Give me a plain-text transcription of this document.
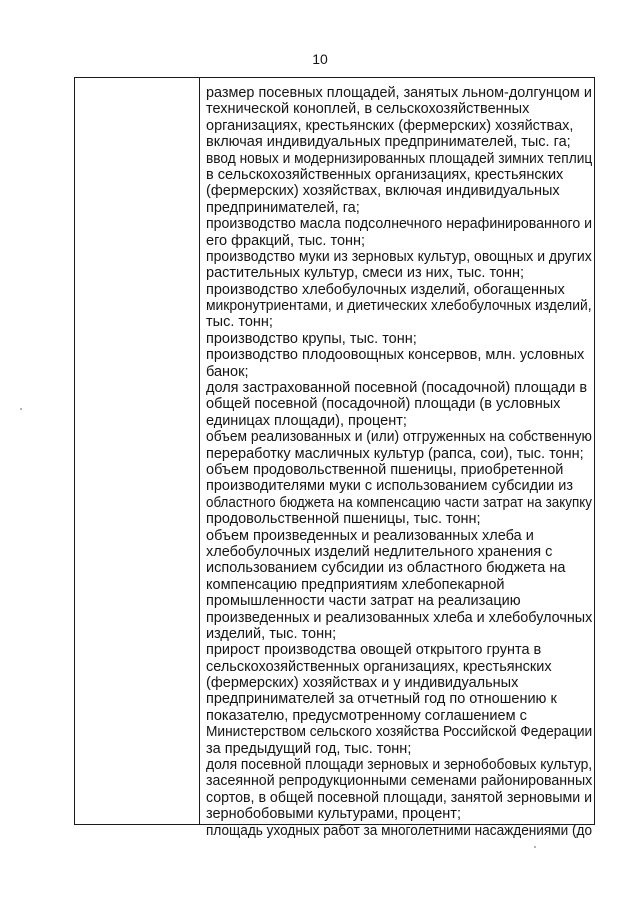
10
размер посевных площадей, занятых льном-долгунцом и
технической коноплей, в сельскохозяйственных
организациях, крестьянских (фермерских) хозяйствах,
включая индивидуальных предпринимателей, тыс. га;
ввод новых и модернизированных площадей зимних теплиц
в сельскохозяйственных организациях, крестьянских
(фермерских) хозяйствах, включая индивидуальных
предпринимателей, га;
производство масла подсолнечного нерафинированного и
его фракций, тыс. тонн;
производство муки из зерновых культур, овощных и других
растительных культур, смеси из них, тыс. тонн;
производство хлебобулочных изделий, обогащенных
микронутриентами, и диетических хлебобулочных изделий,
тыс. тонн;
производство крупы, тыс. тонн;
производство плодоовощных консервов, млн. условных
банок;
доля застрахованной посевной (посадочной) площади в
общей посевной (посадочной) площади (в условных
единицах площади), процент;
объем реализованных и (или) отгруженных на собственную
переработку масличных культур (рапса, сои), тыс. тонн;
объем продовольственной пшеницы, приобретенной
производителями муки с использованием субсидии из
областного бюджета на компенсацию части затрат на закупку
продовольственной пшеницы, тыс. тонн;
объем произведенных и реализованных хлеба и
хлебобулочных изделий недлительного хранения с
использованием субсидии из областного бюджета на
компенсацию предприятиям хлебопекарной
промышленности части затрат на реализацию
произведенных и реализованных хлеба и хлебобулочных
изделий, тыс. тонн;
прирост производства овощей открытого грунта в
сельскохозяйственных организациях, крестьянских
(фермерских) хозяйствах и у индивидуальных
предпринимателей за отчетный год по отношению к
показателю, предусмотренному соглашением с
Министерством сельского хозяйства Российской Федерации
за предыдущий год, тыс. тонн;
доля посевной площади зерновых и зернобобовых культур,
засеянной репродукционными семенами районированных
сортов, в общей посевной площади, занятой зерновыми и
зернобобовыми культурами, процент;
площадь уходных работ за многолетними насаждениями (до
